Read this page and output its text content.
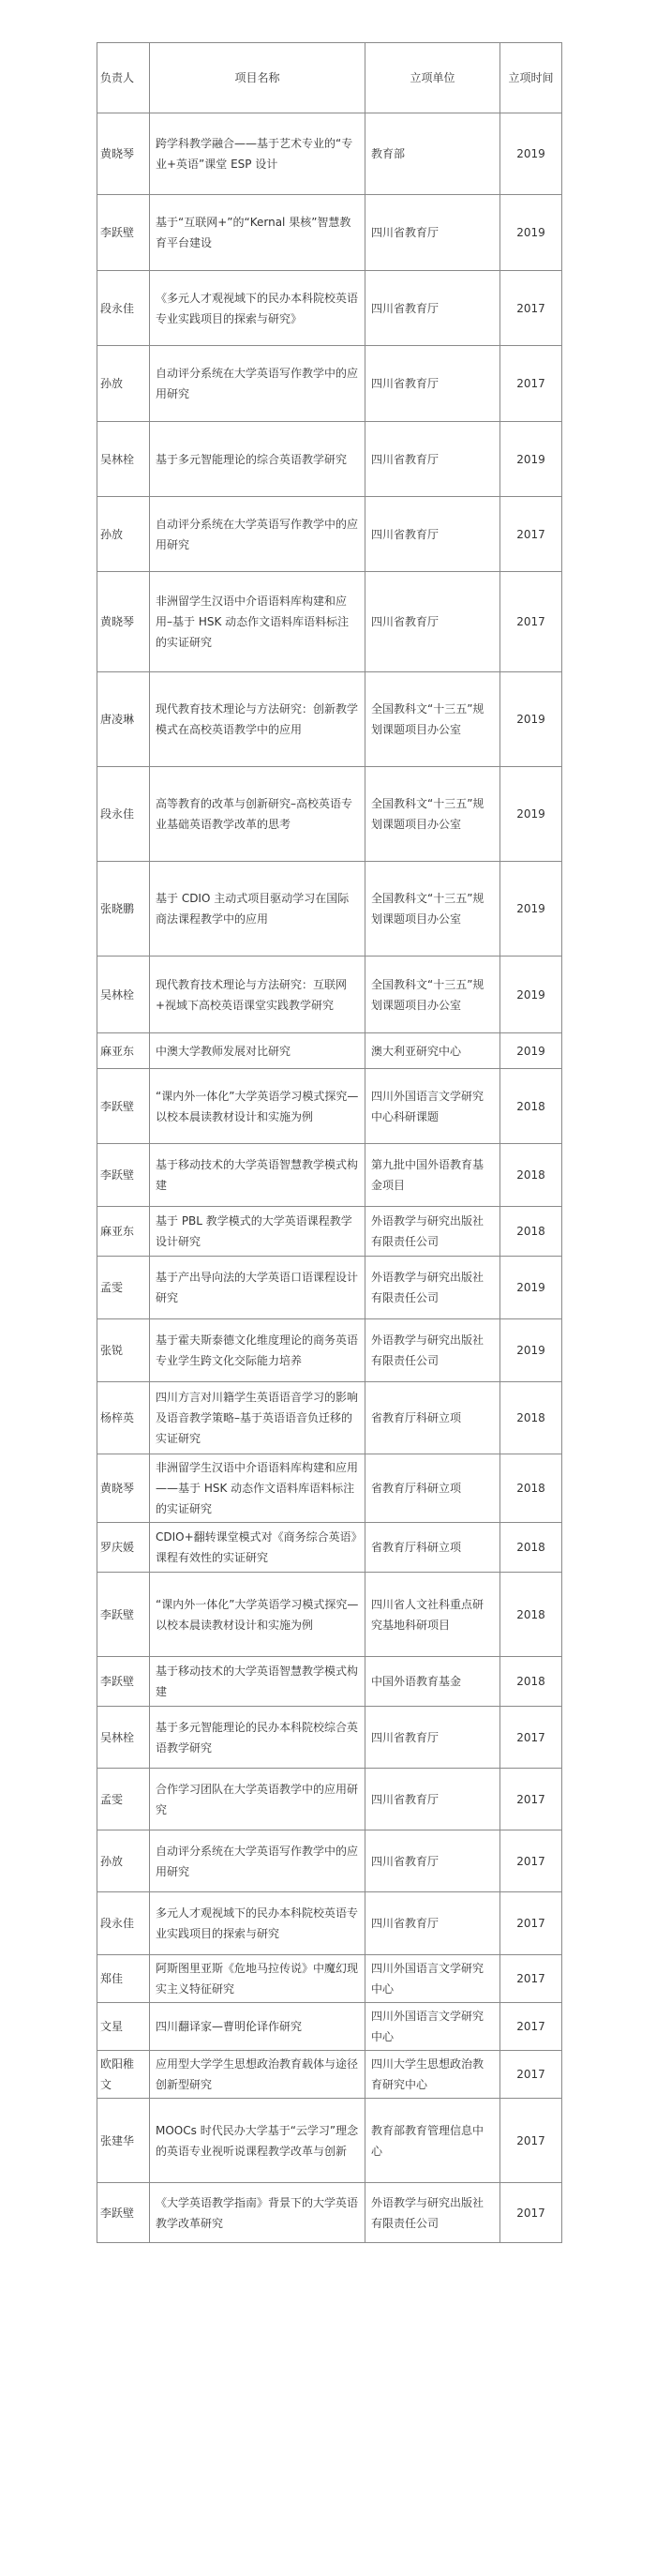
负责人	项目名称	立项单位	立项时间
黄晓琴	跨学科教学融合——基于艺术专业的“专业+英语”课堂 ESP 设计	教育部	2019
李跃壁	基于“互联网+”的“Kernal 果核”智慧教育平台建设	四川省教育厅	2019
段永佳	《多元人才观视域下的民办本科院校英语专业实践项目的探索与研究》	四川省教育厅	2017
孙放	自动评分系统在大学英语写作教学中的应用研究	四川省教育厅	2017
吴林栓	基于多元智能理论的综合英语教学研究	四川省教育厅	2019
孙放	自动评分系统在大学英语写作教学中的应用研究	四川省教育厅	2017
黄晓琴	非洲留学生汉语中介语语料库构建和应用–基于 HSK 动态作文语料库语料标注的实证研究	四川省教育厅	2017
唐凌琳	现代教育技术理论与方法研究：创新教学模式在高校英语教学中的应用	全国教科文“十三五”规划课题项目办公室	2019
段永佳	高等教育的改革与创新研究–高校英语专业基础英语教学改革的思考	全国教科文“十三五”规划课题项目办公室	2019
张晓鹏	基于 CDIO 主动式项目驱动学习在国际商法课程教学中的应用	全国教科文“十三五”规划课题项目办公室	2019
吴林栓	现代教育技术理论与方法研究：互联网+视域下高校英语课堂实践教学研究	全国教科文“十三五”规划课题项目办公室	2019
麻亚东	中澳大学教师发展对比研究	澳大利亚研究中心	2019
李跃壁	“课内外一体化”大学英语学习模式探究—以校本晨读教材设计和实施为例	四川外国语言文学研究中心科研课题	2018
李跃壁	基于移动技术的大学英语智慧教学模式构建	第九批中国外语教育基金项目	2018
麻亚东	基于 PBL 教学模式的大学英语课程教学设计研究	外语教学与研究出版社有限责任公司	2018
孟雯	基于产出导向法的大学英语口语课程设计研究	外语教学与研究出版社有限责任公司	2019
张锐	基于霍夫斯泰德文化维度理论的商务英语专业学生跨文化交际能力培养	外语教学与研究出版社有限责任公司	2019
杨梓英	四川方言对川籍学生英语语音学习的影响及语音教学策略–基于英语语音负迁移的实证研究	省教育厅科研立项	2018
黄晓琴	非洲留学生汉语中介语语料库构建和应用——基于 HSK 动态作文语料库语料标注的实证研究	省教育厅科研立项	2018
罗庆媛	CDIO+翻转课堂模式对《商务综合英语》课程有效性的实证研究	省教育厅科研立项	2018
李跃壁	“课内外一体化”大学英语学习模式探究—以校本晨读教材设计和实施为例	四川省人文社科重点研究基地科研项目	2018
李跃壁	基于移动技术的大学英语智慧教学模式构建	中国外语教育基金	2018
吴林栓	基于多元智能理论的民办本科院校综合英语教学研究	四川省教育厅	2017
孟雯	合作学习团队在大学英语教学中的应用研究	四川省教育厅	2017
孙放	自动评分系统在大学英语写作教学中的应用研究	四川省教育厅	2017
段永佳	多元人才观视域下的民办本科院校英语专业实践项目的探索与研究	四川省教育厅	2017
郑佳	阿斯图里亚斯《危地马拉传说》中魔幻现实主义特征研究	四川外国语言文学研究中心	2017
文星	四川翻译家—曹明伦译作研究	四川外国语言文学研究中心	2017
欧阳稚文	应用型大学学生思想政治教育载体与途径创新型研究	四川大学生思想政治教育研究中心	2017
张建华	MOOCs 时代民办大学基于“云学习”理念的英语专业视听说课程教学改革与创新	教育部教育管理信息中心	2017
李跃壁	《大学英语教学指南》背景下的大学英语教学改革研究	外语教学与研究出版社有限责任公司	2017
